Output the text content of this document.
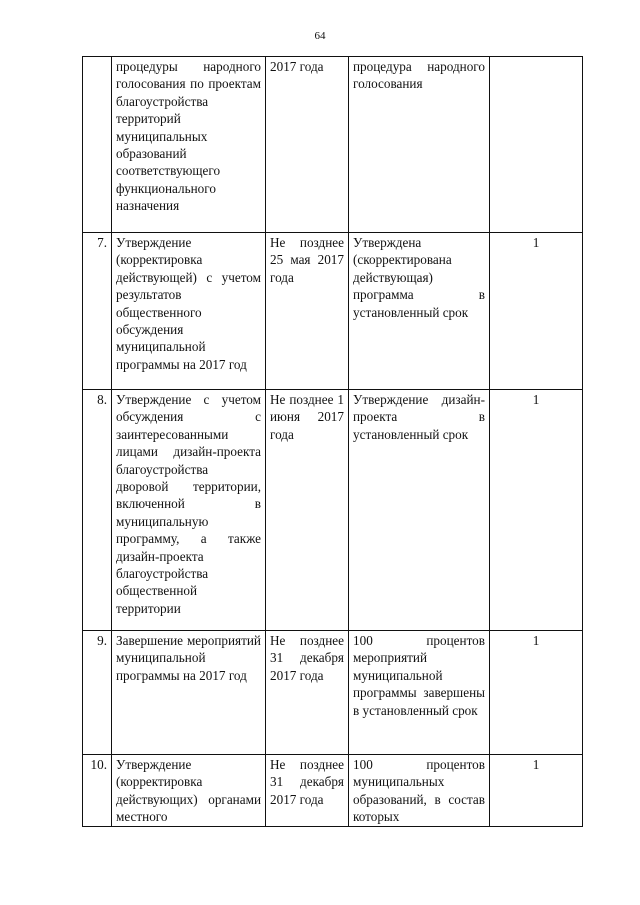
64
	процедуры народного голосования по проектам благоустройства территорий муниципальных образований соответствующего функционального назначения	2017 года	процедура народного голосования	
7.	Утверждение (корректировка действующей) с учетом результатов общественного обсуждения муниципальной программы на 2017 год	Не позднее 25 мая 2017 года	Утверждена (скорректирована действующая) программа в установленный срок	1
8.	Утверждение с учетом обсуждения с заинтересованными лицами дизайн-проекта благоустройства дворовой территории, включенной в муниципальную программу, а также дизайн-проекта благоустройства общественной территории	Не позднее 1 июня 2017 года	Утверждение дизайн-проекта в установленный срок	1
9.	Завершение мероприятий муниципальной программы на 2017 год	Не позднее 31 декабря 2017 года	100 процентов мероприятий муниципальной программы завершены в установленный срок	1
10.	Утверждение (корректировка действующих) органами местного	Не позднее 31 декабря 2017 года	100 процентов муниципальных образований, в состав которых	1
